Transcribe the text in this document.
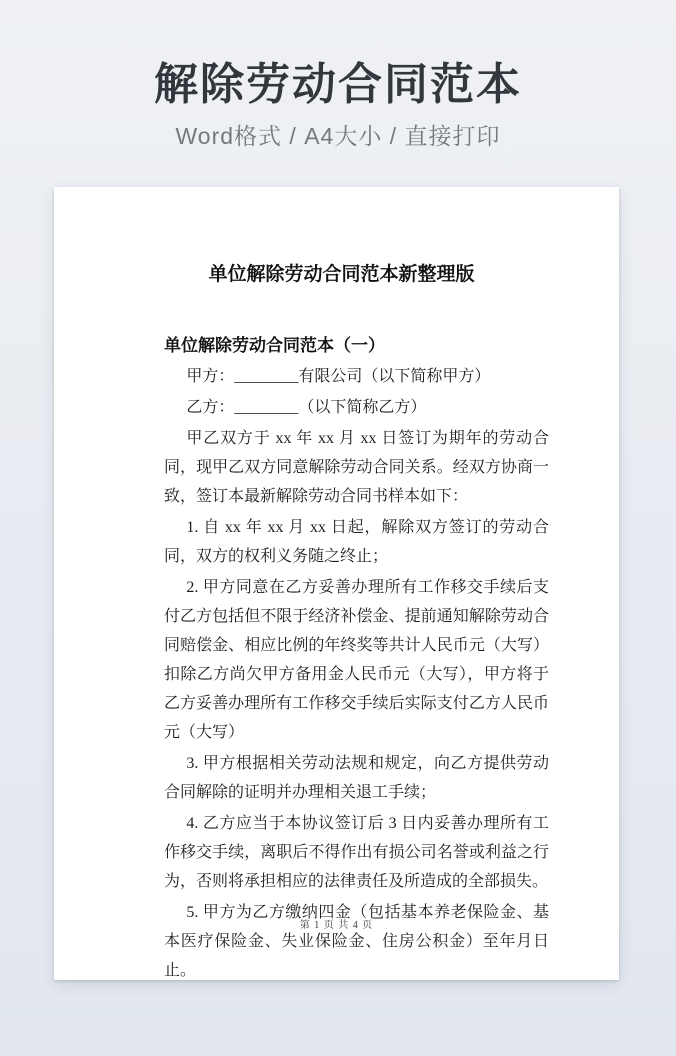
解除劳动合同范本
Word格式 / A4大小 / 直接打印
单位解除劳动合同范本新整理版
单位解除劳动合同范本（一）

甲方：________有限公司（以下简称甲方）

乙方：________（以下简称乙方）

甲乙双方于 xx 年 xx 月 xx 日签订为期年的劳动合同，现甲乙双方同意解除劳动合同关系。经双方协商一致，签订本最新解除劳动合同书样本如下：

1. 自 xx 年 xx 月 xx 日起，解除双方签订的劳动合同，双方的权利义务随之终止；

2. 甲方同意在乙方妥善办理所有工作移交手续后支付乙方包括但不限于经济补偿金、提前通知解除劳动合同赔偿金、相应比例的年终奖等共计人民币元（大写）扣除乙方尚欠甲方备用金人民币元（大写），甲方将于乙方妥善办理所有工作移交手续后实际支付乙方人民币元（大写）

3. 甲方根据相关劳动法规和规定，向乙方提供劳动合同解除的证明并办理相关退工手续；

4. 乙方应当于本协议签订后 3 日内妥善办理所有工作移交手续，离职后不得作出有损公司名誉或利益之行为，否则将承担相应的法律责任及所造成的全部损失。

5. 甲方为乙方缴纳四金（包括基本养老保险金、基本医疗保险金、失业保险金、住房公积金）至年月日止。

第 1 页 共 4 页
